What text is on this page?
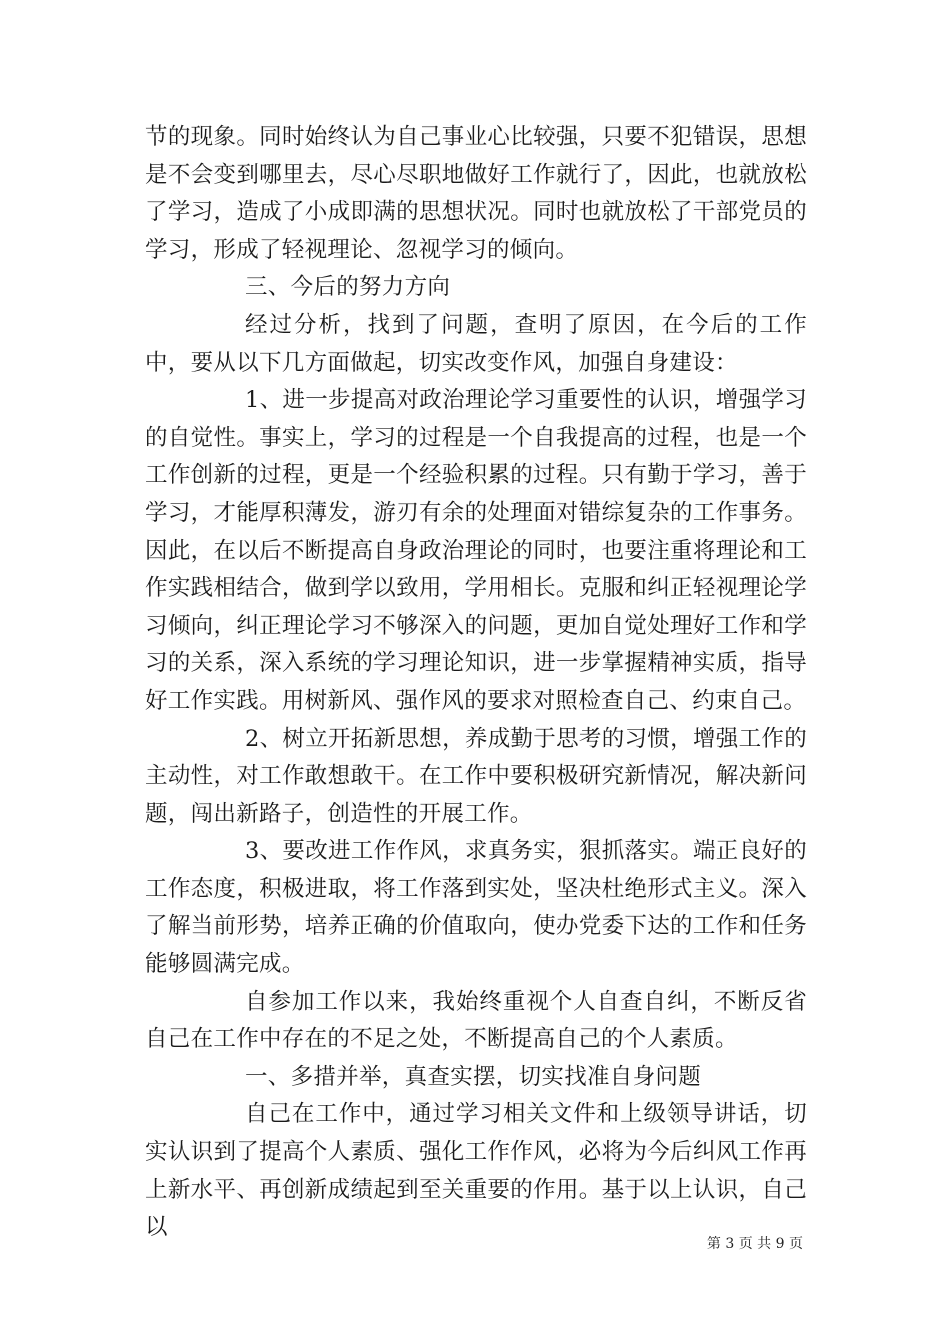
节的现象。同时始终认为自己事业心比较强，只要不犯错误，思想是不会变到哪里去，尽心尽职地做好工作就行了，因此，也就放松了学习，造成了小成即满的思想状况。同时也就放松了干部党员的学习，形成了轻视理论、忽视学习的倾向。

三、今后的努力方向

经过分析，找到了问题，查明了原因，在今后的工作中，要从以下几方面做起，切实改变作风，加强自身建设：

1、进一步提高对政治理论学习重要性的认识，增强学习的自觉性。事实上，学习的过程是一个自我提高的过程，也是一个工作创新的过程，更是一个经验积累的过程。只有勤于学习，善于学习，才能厚积薄发，游刃有余的处理面对错综复杂的工作事务。因此，在以后不断提高自身政治理论的同时，也要注重将理论和工作实践相结合，做到学以致用，学用相长。克服和纠正轻视理论学习倾向，纠正理论学习不够深入的问题，更加自觉处理好工作和学习的关系，深入系统的学习理论知识，进一步掌握精神实质，指导好工作实践。用树新风、强作风的要求对照检查自己、约束自己。

2、树立开拓新思想，养成勤于思考的习惯，增强工作的主动性，对工作敢想敢干。在工作中要积极研究新情况，解决新问题，闯出新路子，创造性的开展工作。

3、要改进工作作风，求真务实，狠抓落实。端正良好的工作态度，积极进取，将工作落到实处，坚决杜绝形式主义。深入了解当前形势，培养正确的价值取向，使办党委下达的工作和任务能够圆满完成。

自参加工作以来，我始终重视个人自查自纠，不断反省自己在工作中存在的不足之处，不断提高自己的个人素质。

一、多措并举，真查实摆，切实找准自身问题

自己在工作中，通过学习相关文件和上级领导讲话，切实认识到了提高个人素质、强化工作作风，必将为今后纠风工作再上新水平、再创新成绩起到至关重要的作用。基于以上认识，自己以

第 3 页 共 9 页
